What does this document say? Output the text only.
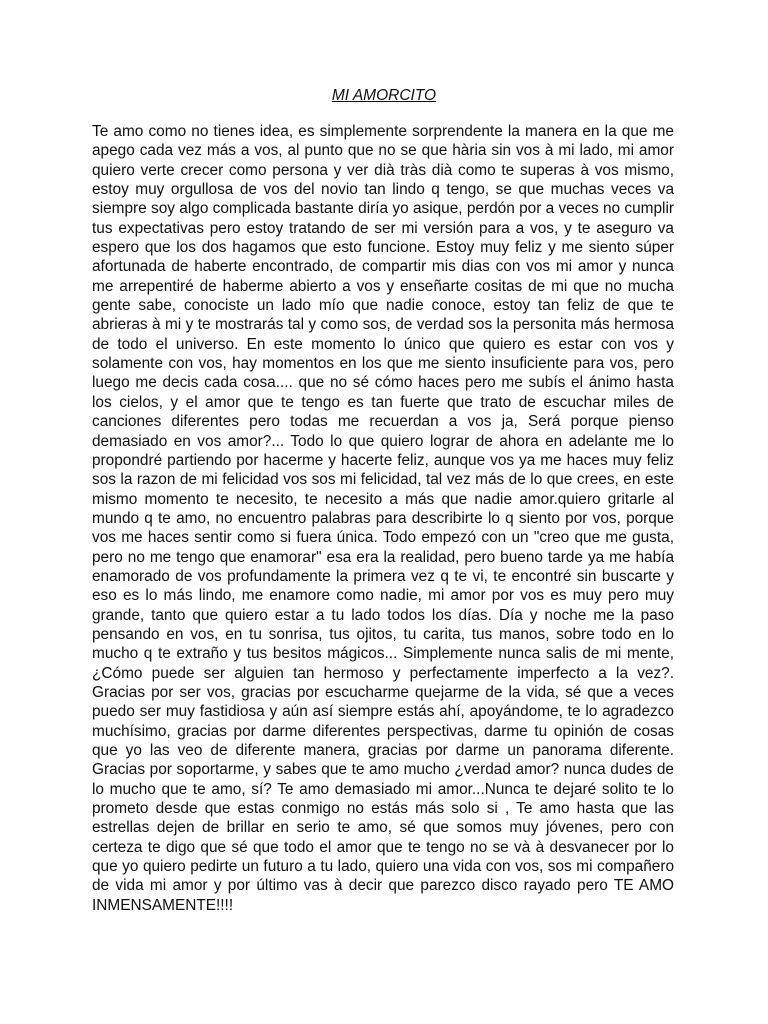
MI AMORCITO

Te amo como no tienes idea, es simplemente sorprendente la manera en la que me apego cada vez más a vos, al punto que no se que hària sin vos à mi lado, mi amor quiero verte crecer como persona y ver dià tràs dià como te superas à vos mismo, estoy muy orgullosa de vos del novio tan lindo q tengo, se que muchas veces va siempre soy algo complicada bastante diría yo asique, perdón por a veces no cumplir tus expectativas pero estoy tratando de ser mi versión para a vos, y te aseguro va espero que los dos hagamos que esto funcione. Estoy muy feliz y me siento súper afortunada de haberte encontrado, de compartir mis dias con vos mi amor y nunca me arrepentiré de haberme abierto a vos y enseñarte cositas de mi que no mucha gente sabe, conociste un lado mío que nadie conoce, estoy tan feliz de que te abrieras à mi y te mostrarás tal y como sos, de verdad sos la personita más hermosa de todo el universo. En este momento lo único que quiero es estar con vos y solamente con vos, hay momentos en los que me siento insuficiente para vos, pero luego me decis cada cosa.... que no sé cómo haces pero me subís el ánimo hasta los cielos, y el amor que te tengo es tan fuerte que trato de escuchar miles de canciones diferentes pero todas me recuerdan a vos ja, Será porque pienso demasiado en vos amor?... Todo lo que quiero lograr de ahora en adelante me lo propondré partiendo por hacerme y hacerte feliz, aunque vos ya me haces muy feliz sos la razon de mi felicidad vos sos mi felicidad, tal vez más de lo que crees, en este mismo momento te necesito, te necesito a más que nadie amor.quiero gritarle al mundo q te amo, no encuentro palabras para describirte lo q siento por vos, porque vos me haces sentir como si fuera única. Todo empezó con un "creo que me gusta, pero no me tengo que enamorar" esa era la realidad, pero bueno tarde ya me había enamorado de vos profundamente la primera vez q te vi, te encontré sin buscarte y eso es lo más lindo, me enamore como nadie, mi amor por vos es muy pero muy grande, tanto que quiero estar a tu lado todos los días. Día y noche me la paso pensando en vos, en tu sonrisa, tus ojitos, tu carita, tus manos, sobre todo en lo mucho q te extraño y tus besitos mágicos... Simplemente nunca salis de mi mente,¿Cómo puede ser alguien tan hermoso y perfectamente imperfecto a la vez?. Gracias por ser vos, gracias por escucharme quejarme de la vida, sé que a veces puedo ser muy fastidiosa y aún así siempre estás ahí, apoyándome, te lo agradezco muchísimo, gracias por darme diferentes perspectivas, darme tu opinión de cosas que yo las veo de diferente manera, gracias por darme un panorama diferente. Gracias por soportarme, y sabes que te amo mucho ¿verdad amor? nunca dudes de lo mucho que te amo, sí? Te amo demasiado mi amor...Nunca te dejaré solito te lo prometo desde que estas conmigo no estás más solo si , Te amo hasta que las estrellas dejen de brillar en serio te amo, sé que somos muy jóvenes, pero con certeza te digo que sé que todo el amor que te tengo no se và à desvanecer por lo que yo quiero pedirte un futuro a tu lado, quiero una vida con vos, sos mi compañero de vida mi amor y por último vas à decir que parezco disco rayado pero TE AMO INMENSAMENTE!!!!
